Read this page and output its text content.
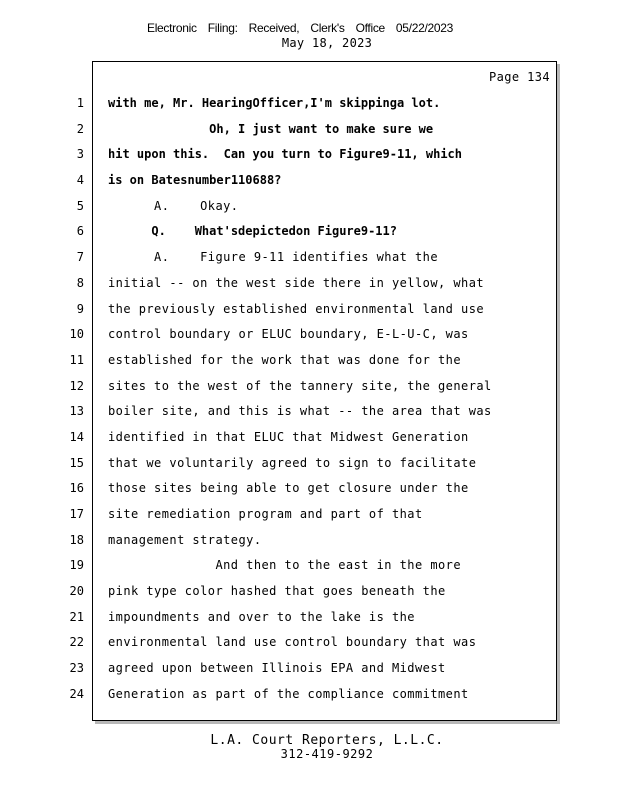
Electronic Filing: Received, Clerk's Office 05/22/2023
May 18, 2023
Page 134
1
2
3
4
5
6
7
8
9
10
11
12
13
14
15
16
17
18
19
20
21
22
23
24
with me, Mr. HearingOfficer,I'm skippinga lot.
Oh, I just want to make sure we
hit upon this.  Can you turn to Figure9-11, which
is on Batesnumber110688?
A.    Okay.
Q.    What'sdepictedon Figure9-11?
A.    Figure 9-11 identifies what the
initial -- on the west side there in yellow, what
the previously established environmental land use
control boundary or ELUC boundary, E-L-U-C, was
established for the work that was done for the
sites to the west of the tannery site, the general
boiler site, and this is what -- the area that was
identified in that ELUC that Midwest Generation
that we voluntarily agreed to sign to facilitate
those sites being able to get closure under the
site remediation program and part of that
management strategy.
And then to the east in the more
pink type color hashed that goes beneath the
impoundments and over to the lake is the
environmental land use control boundary that was
agreed upon between Illinois EPA and Midwest
Generation as part of the compliance commitment
L.A. Court Reporters, L.L.C.
312-419-9292
